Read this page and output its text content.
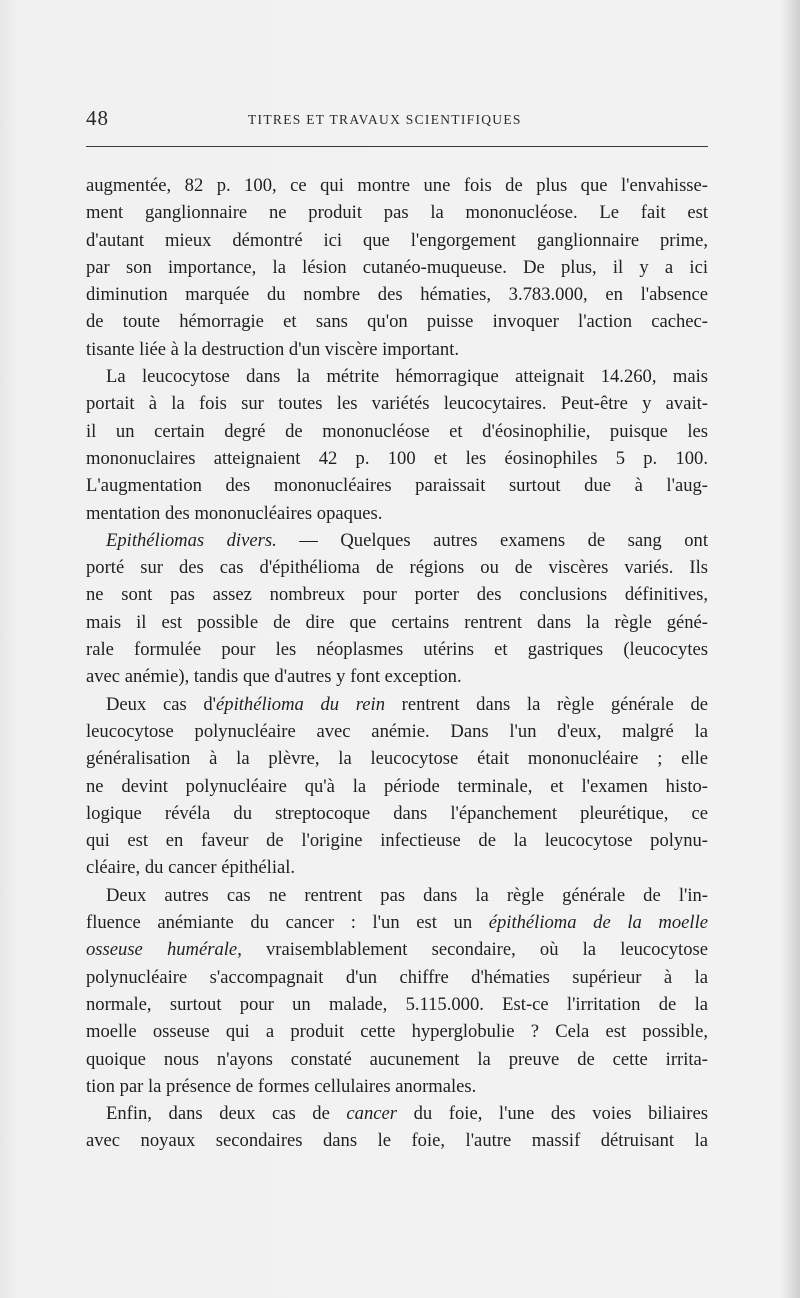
48	TITRES ET TRAVAUX SCIENTIFIQUES

augmentée, 82 p. 100, ce qui montre une fois de plus que l'envahisse-
ment ganglionnaire ne produit pas la mononucléose. Le fait est
d'autant mieux démontré ici que l'engorgement ganglionnaire prime,
par son importance, la lésion cutanéo-muqueuse. De plus, il y a ici
diminution marquée du nombre des hématies, 3.783.000, en l'absence
de toute hémorragie et sans qu'on puisse invoquer l'action cachec-
tisante liée à la destruction d'un viscère important.

La leucocytose dans la métrite hémorragique atteignait 14.260, mais
portait à la fois sur toutes les variétés leucocytaires. Peut-être y avait-
il un certain degré de mononucléose et d'éosinophilie, puisque les
mononuclaires atteignaient 42 p. 100 et les éosinophiles 5 p. 100.
L'augmentation des mononucléaires paraissait surtout due à l'aug-
mentation des mononucléaires opaques.

Epithéliomas divers. — Quelques autres examens de sang ont
porté sur des cas d'épithélioma de régions ou de viscères variés. Ils
ne sont pas assez nombreux pour porter des conclusions définitives,
mais il est possible de dire que certains rentrent dans la règle géné-
rale formulée pour les néoplasmes utérins et gastriques (leucocytes
avec anémie), tandis que d'autres y font exception.

Deux cas d'épithélioma du rein rentrent dans la règle générale de
leucocytose polynucléaire avec anémie. Dans l'un d'eux, malgré la
généralisation à la plèvre, la leucocytose était mononucléaire ; elle
ne devint polynucléaire qu'à la période terminale, et l'examen histo-
logique révéla du streptocoque dans l'épanchement pleurétique, ce
qui est en faveur de l'origine infectieuse de la leucocytose polynu-
cléaire, du cancer épithélial.

Deux autres cas ne rentrent pas dans la règle générale de l'in-
fluence anémiante du cancer : l'un est un épithélioma de la moelle
osseuse humérale, vraisemblablement secondaire, où la leucocytose
polynucléaire s'accompagnait d'un chiffre d'hématies supérieur à la
normale, surtout pour un malade, 5.115.000. Est-ce l'irritation de la
moelle osseuse qui a produit cette hyperglobulie ? Cela est possible,
quoique nous n'ayons constaté aucunement la preuve de cette irrita-
tion par la présence de formes cellulaires anormales.

Enfin, dans deux cas de cancer du foie, l'une des voies biliaires
avec noyaux secondaires dans le foie, l'autre massif détruisant la
